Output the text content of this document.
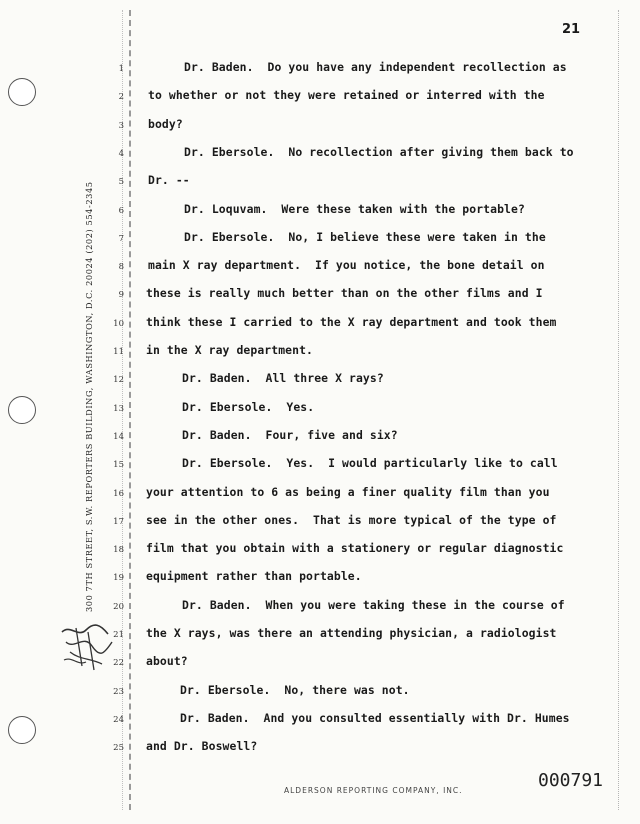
21
300 7TH STREET, S.W. REPORTERS BUILDING, WASHINGTON, D.C. 20024 (202) 554-2345
1
2
3
4
5
6
7
8
9
10
11
12
13
14
15
16
17
18
19
20
21
22
23
24
25
Dr. Baden.  Do you have any independent recollection as
to whether or not they were retained or interred with the
body?
Dr. Ebersole.  No recollection after giving them back to
Dr. --
Dr. Loquvam.  Were these taken with the portable?
Dr. Ebersole.  No, I believe these were taken in the
main X ray department.  If you notice, the bone detail on
these is really much better than on the other films and I
think these I carried to the X ray department and took them
in the X ray department.
Dr. Baden.  All three X rays?
Dr. Ebersole.  Yes.
Dr. Baden.  Four, five and six?
Dr. Ebersole.  Yes.  I would particularly like to call
your attention to 6 as being a finer quality film than you
see in the other ones.  That is more typical of the type of
film that you obtain with a stationery or regular diagnostic
equipment rather than portable.
Dr. Baden.  When you were taking these in the course of
the X rays, was there an attending physician, a radiologist
about?
Dr. Ebersole.  No, there was not.
Dr. Baden.  And you consulted essentially with Dr. Humes
and Dr. Boswell?
ALDERSON REPORTING COMPANY, INC.	000791
